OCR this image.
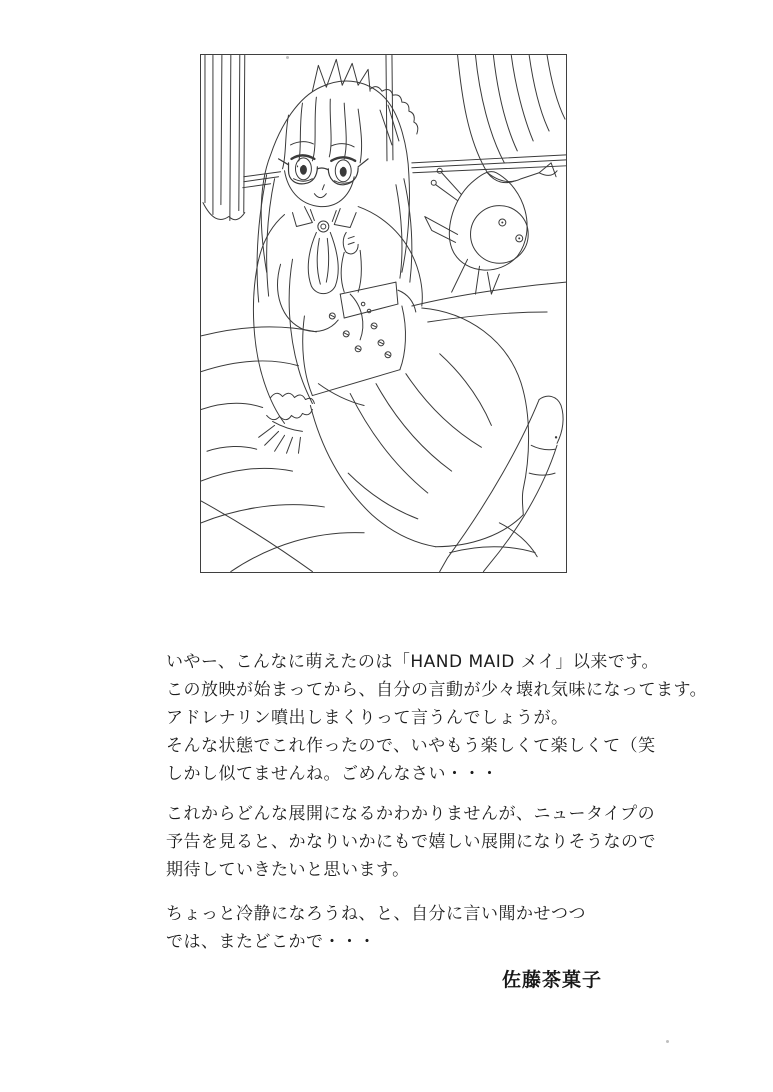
いやー、こんなに萌えたのは「HAND MAID メイ」以来です。
この放映が始まってから、自分の言動が少々壊れ気味になってます。
アドレナリン噴出しまくりって言うんでしょうが。
そんな状態でこれ作ったので、いやもう楽しくて楽しくて（笑
しかし似てませんね。ごめんなさい・・・
これからどんな展開になるかわかりませんが、ニュータイプの
予告を見ると、かなりいかにもで嬉しい展開になりそうなので
期待していきたいと思います。
ちょっと冷静になろうね、と、自分に言い聞かせつつ
では、またどこかで・・・
佐藤茶菓子
